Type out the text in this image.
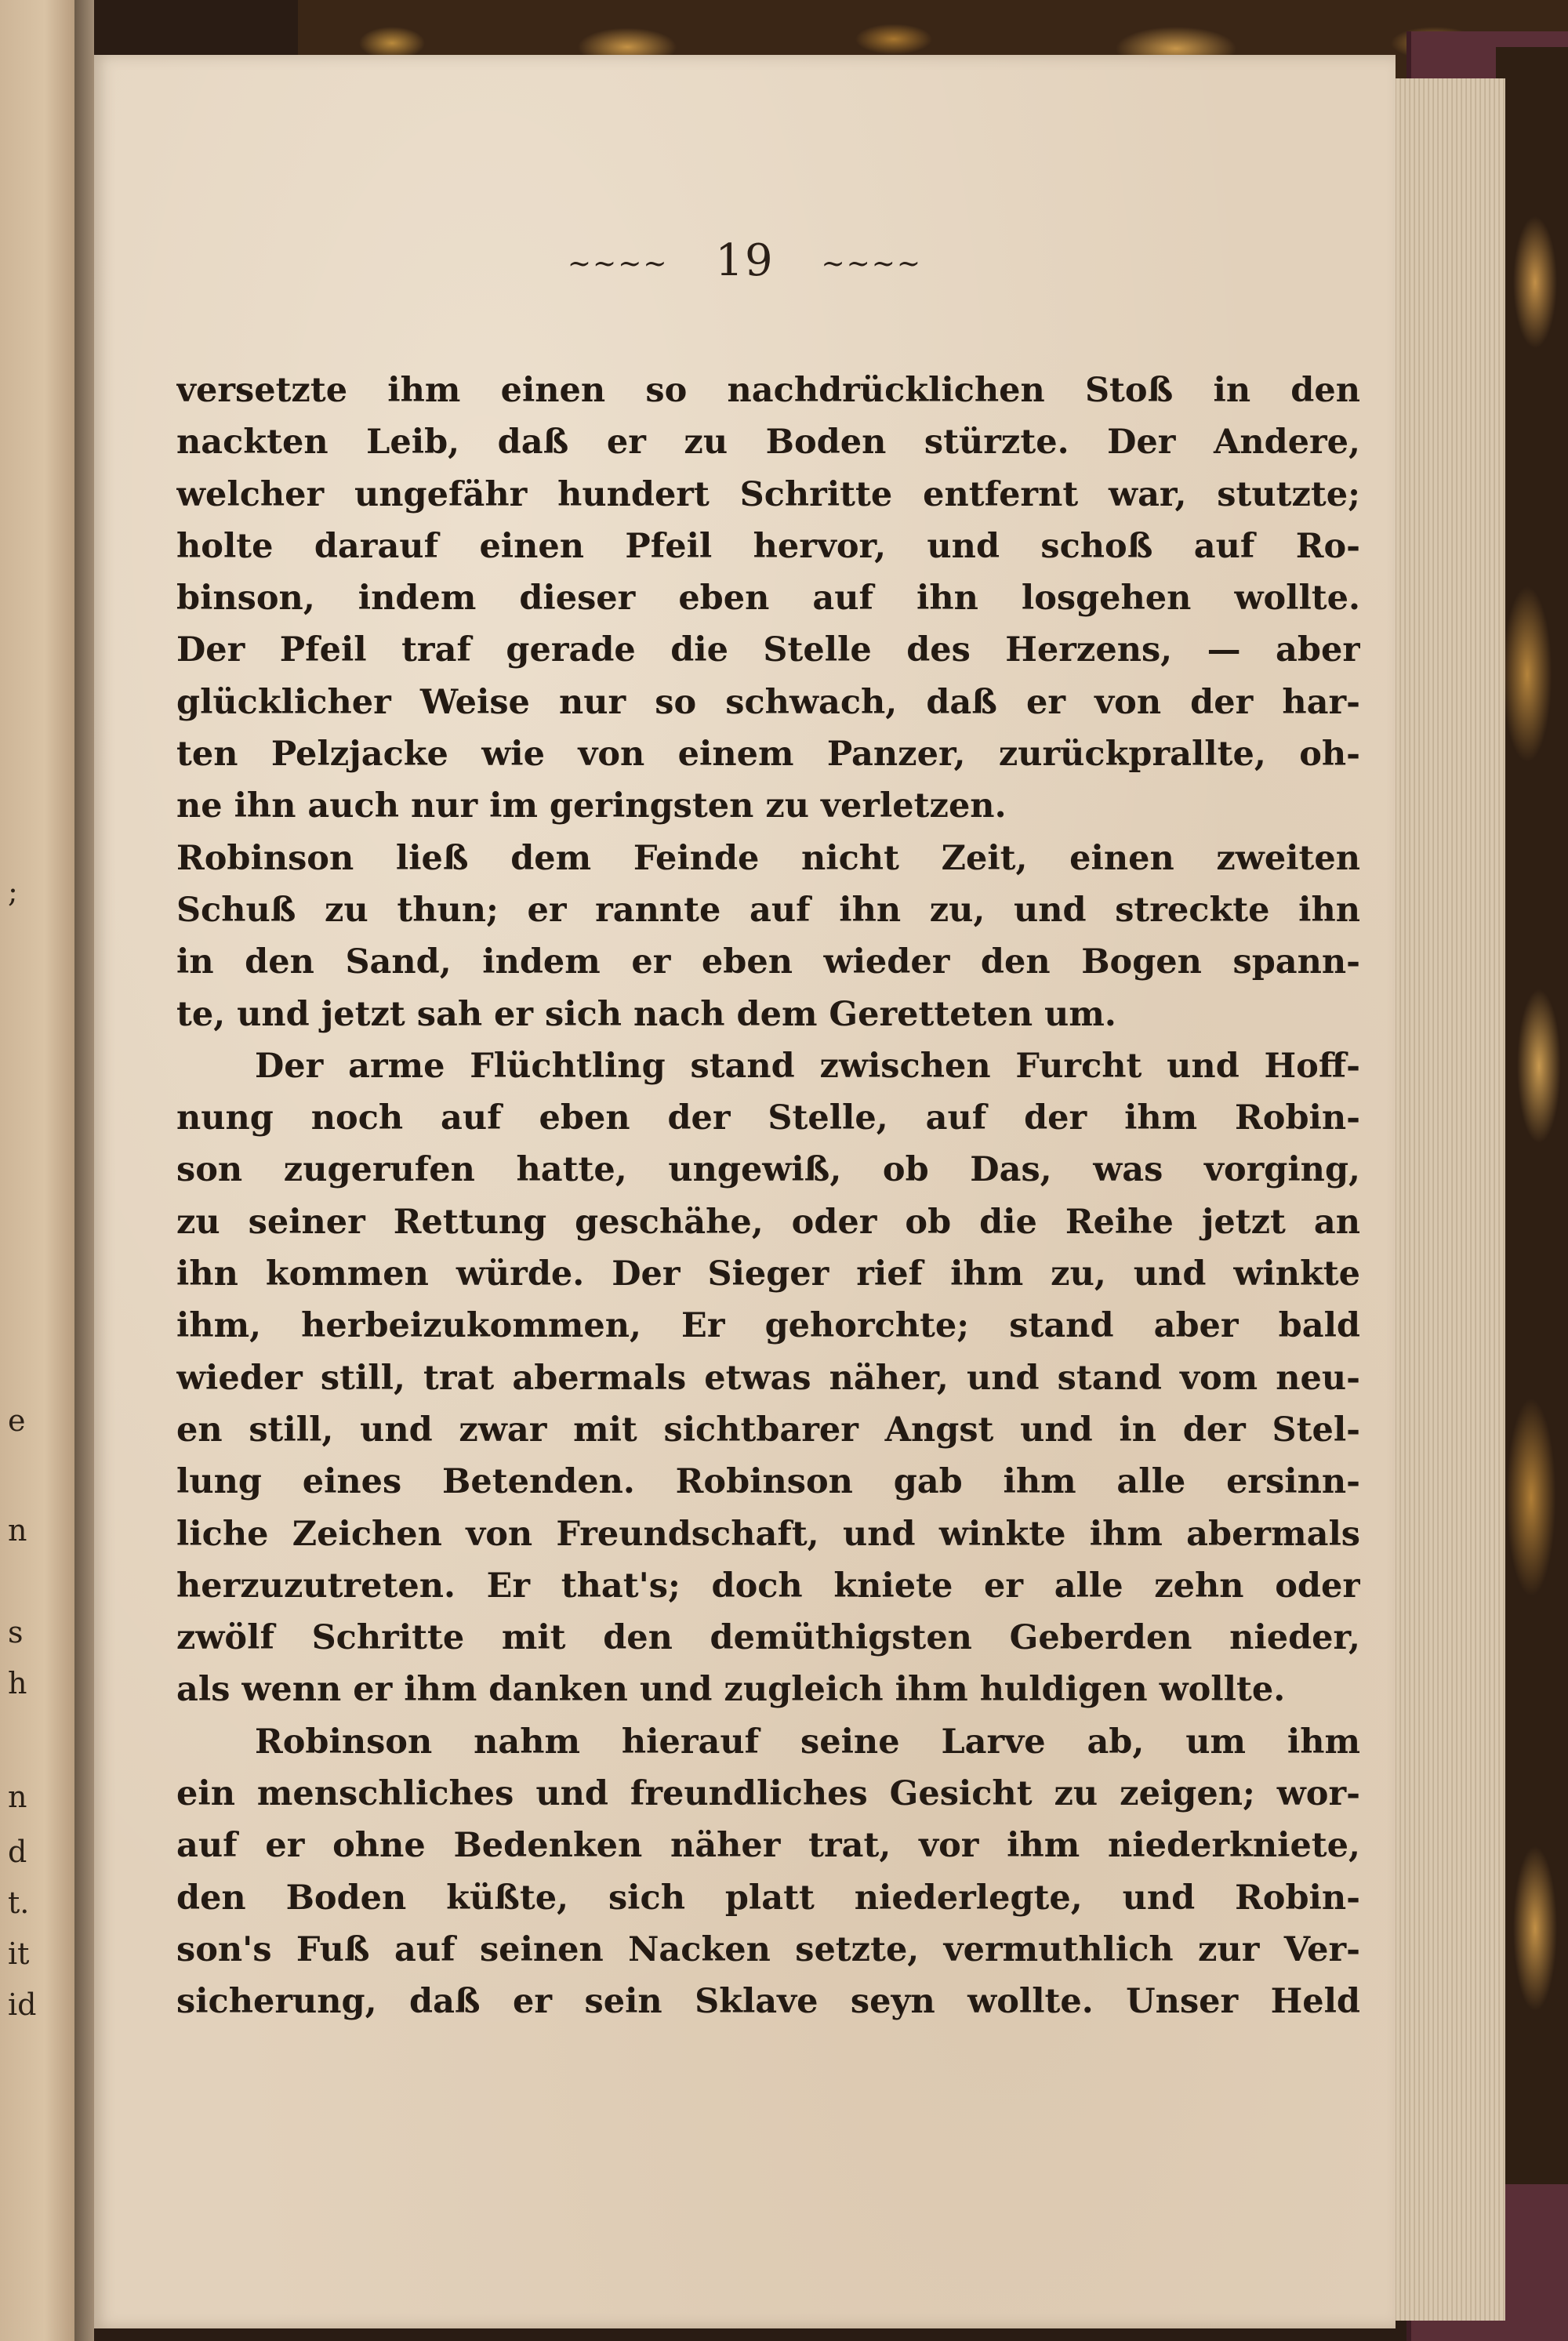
;
e
n
s
h
n
d
t.
it
id
~~~~ 19 ~~~~
versetzte ihm einen so nachdrücklichen Stoß in den
nackten Leib, daß er zu Boden stürzte. Der Andere,
welcher ungefähr hundert Schritte entfernt war, stutzte;
holte darauf einen Pfeil hervor, und schoß auf Ro-
binson, indem dieser eben auf ihn losgehen wollte.
Der Pfeil traf gerade die Stelle des Herzens, — aber
glücklicher Weise nur so schwach, daß er von der har-
ten Pelzjacke wie von einem Panzer, zurückprallte, oh-
ne ihn auch nur im geringsten zu verletzen.
Robinson ließ dem Feinde nicht Zeit, einen zweiten
Schuß zu thun; er rannte auf ihn zu, und streckte ihn
in den Sand, indem er eben wieder den Bogen spann-
te, und jetzt sah er sich nach dem Geretteten um.
Der arme Flüchtling stand zwischen Furcht und Hoff-
nung noch auf eben der Stelle, auf der ihm Robin-
son zugerufen hatte, ungewiß, ob Das, was vorging,
zu seiner Rettung geschähe, oder ob die Reihe jetzt an
ihn kommen würde. Der Sieger rief ihm zu, und winkte
ihm, herbeizukommen, Er gehorchte; stand aber bald
wieder still, trat abermals etwas näher, und stand vom neu-
en still, und zwar mit sichtbarer Angst und in der Stel-
lung eines Betenden. Robinson gab ihm alle ersinn-
liche Zeichen von Freundschaft, und winkte ihm abermals
herzuzutreten. Er that's; doch kniete er alle zehn oder
zwölf Schritte mit den demüthigsten Geberden nieder,
als wenn er ihm danken und zugleich ihm huldigen wollte.
Robinson nahm hierauf seine Larve ab, um ihm
ein menschliches und freundliches Gesicht zu zeigen; wor-
auf er ohne Bedenken näher trat, vor ihm niederkniete,
den Boden küßte, sich platt niederlegte, und Robin-
son's Fuß auf seinen Nacken setzte, vermuthlich zur Ver-
sicherung, daß er sein Sklave seyn wollte. Unser Held
